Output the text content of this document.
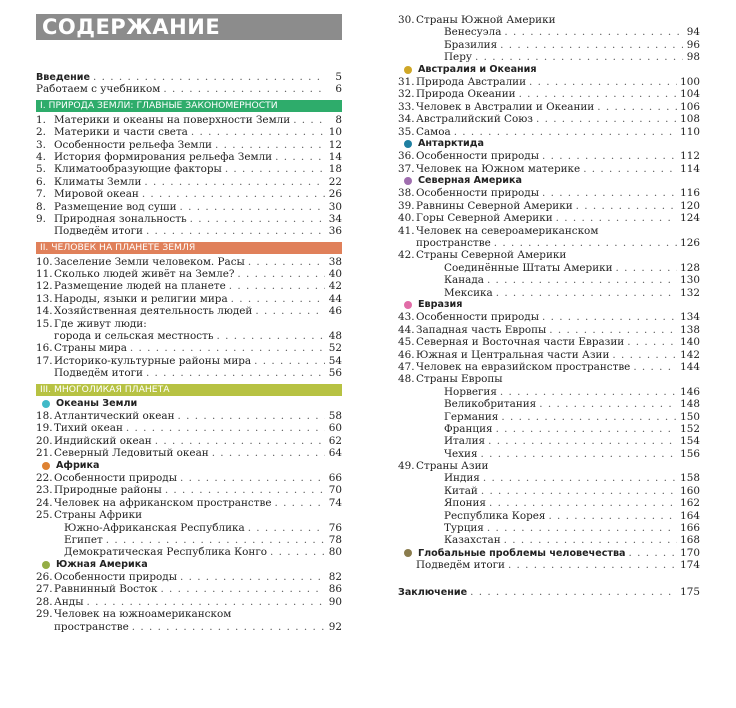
СОДЕРЖАНИЕ
Введение . . .	5
Работаем с учебником . . .	6
I. ПРИРОДА ЗЕМЛИ: ГЛАВНЫЕ ЗАКОНОМЕРНОСТИ
1. Материки и океаны на поверхности Земли . . .	8
2. Материки и части света . . .	10
3. Особенности рельефа Земли . . .	12
4. История формирования рельефа Земли . . .	14
5. Климатообразующие факторы . . .	18
6. Климаты Земли . . .	22
7. Мировой океан . . .	26
8. Размещение вод суши . . .	30
9. Природная зональность . . .	34
Подведём итоги . . .	36
II. ЧЕЛОВЕК НА ПЛАНЕТЕ ЗЕМЛЯ
10. Заселение Земли человеком. Расы . . .	38
11. Сколько людей живёт на Земле? . . .	40
12. Размещение людей на планете . . .	42
13. Народы, языки и религии мира . . .	44
14. Хозяйственная деятельность людей . . .	46
15. Где живут люди:
города и сельская местность . . .	48
16. Страны мира . . .	52
17. Историко-культурные районы мира . . .	54
Подведём итоги . . .	56
III. МНОГОЛИКАЯ ПЛАНЕТА
Океаны Земли
18. Атлантический океан . . .	58
19. Тихий океан . . .	60
20. Индийский океан . . .	62
21. Северный Ледовитый океан . . .	64
Африка
22. Особенности природы . . .	66
23. Природные районы . . .	70
24. Человек на африканском пространстве . . .	74
25. Страны Африки
Южно-Африканская Республика . . .	76
Египет . . .	78
Демократическая Республика Конго . . .	80
Южная Америка
26. Особенности природы . . .	82
27. Равнинный Восток . . .	86
28. Анды . . .	90
29. Человек на южноамериканском
пространстве . . .	92
30. Страны Южной Америки
Венесуэла . . .	94
Бразилия . . .	96
Перу . . .	98
Австралия и Океания
31. Природа Австралии . . .	100
32. Природа Океании . . .	104
33. Человек в Австралии и Океании . . .	106
34. Австралийский Союз . . .	108
35. Самоа . . .	110
Антарктида
36. Особенности природы . . .	112
37. Человек на Южном материке . . .	114
Северная Америка
38. Особенности природы . . .	116
39. Равнины Северной Америки . . .	120
40. Горы Северной Америки . . .	124
41. Человек на североамериканском
пространстве . . .	126
42. Страны Северной Америки
Соединённые Штаты Америки . . .	128
Канада . . .	130
Мексика . . .	132
Евразия
43. Особенности природы . . .	134
44. Западная часть Европы . . .	138
45. Северная и Восточная части Евразии . . .	140
46. Южная и Центральная части Азии . . .	142
47. Человек на евразийском пространстве . . .	144
48. Страны Европы
Норвегия . . .	146
Великобритания . . .	148
Германия . . .	150
Франция . . .	152
Италия . . .	154
Чехия . . .	156
49. Страны Азии
Индия . . .	158
Китай . . .	160
Япония . . .	162
Республика Корея . . .	164
Турция . . .	166
Казахстан . . .	168
Глобальные проблемы человечества . . .	170
Подведём итоги . . .	174
Заключение . . .	175
